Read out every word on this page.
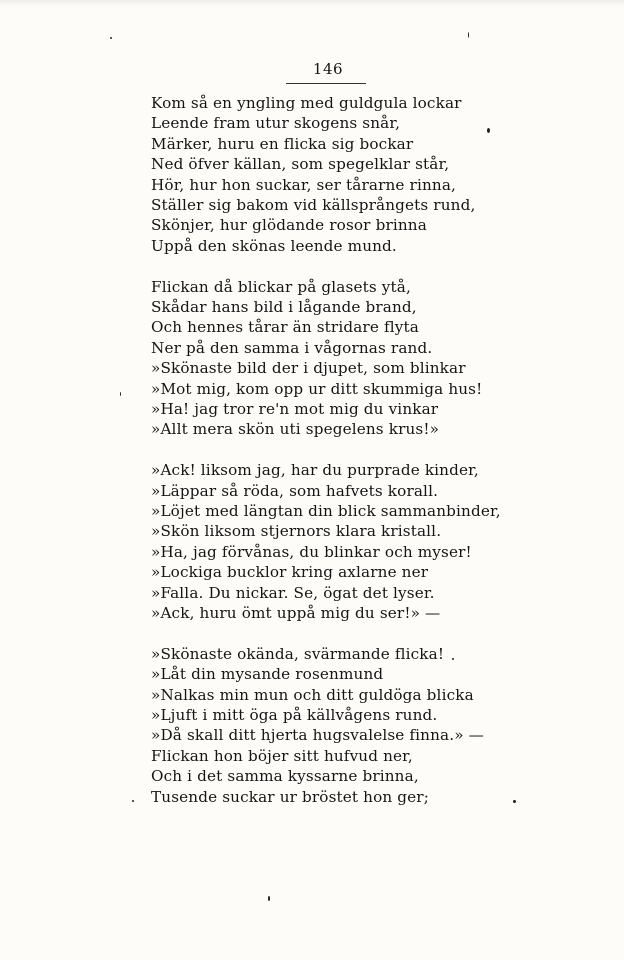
146
Kom så en yngling med guldgula lockar
Leende fram utur skogens snår,
Märker, huru en flicka sig bockar
Ned öfver källan, som spegelklar står,
Hör, hur hon suckar, ser tårarne rinna,
Ställer sig bakom vid källsprångets rund,
Skönjer, hur glödande rosor brinna
Uppå den skönas leende mund.
Flickan då blickar på glasets ytå,
Skådar hans bild i lågande brand,
Och hennes tårar än stridare flyta
Ner på den samma i vågornas rand.
»Skönaste bild der i djupet, som blinkar
»Mot mig, kom opp ur ditt skummiga hus!
»Ha! jag tror re'n mot mig du vinkar
»Allt mera skön uti spegelens krus!»
»Ack! liksom jag, har du purprade kinder,
»Läppar så röda, som hafvets korall.
»Löjet med längtan din blick sammanbinder,
»Skön liksom stjernors klara kristall.
»Ha, jag förvånas, du blinkar och myser!
»Lockiga bucklor kring axlarne ner
»Falla. Du nickar. Se, ögat det lyser.
»Ack, huru ömt uppå mig du ser!» —
»Skönaste okända, svärmande flicka!
»Låt din mysande rosenmund
»Nalkas min mun och ditt guldöga blicka
»Ljuft i mitt öga på källvågens rund.
»Då skall ditt hjerta hugsvalelse finna.» —
Flickan hon böjer sitt hufvud ner,
Och i det samma kyssarne brinna,
Tusende suckar ur bröstet hon ger;
